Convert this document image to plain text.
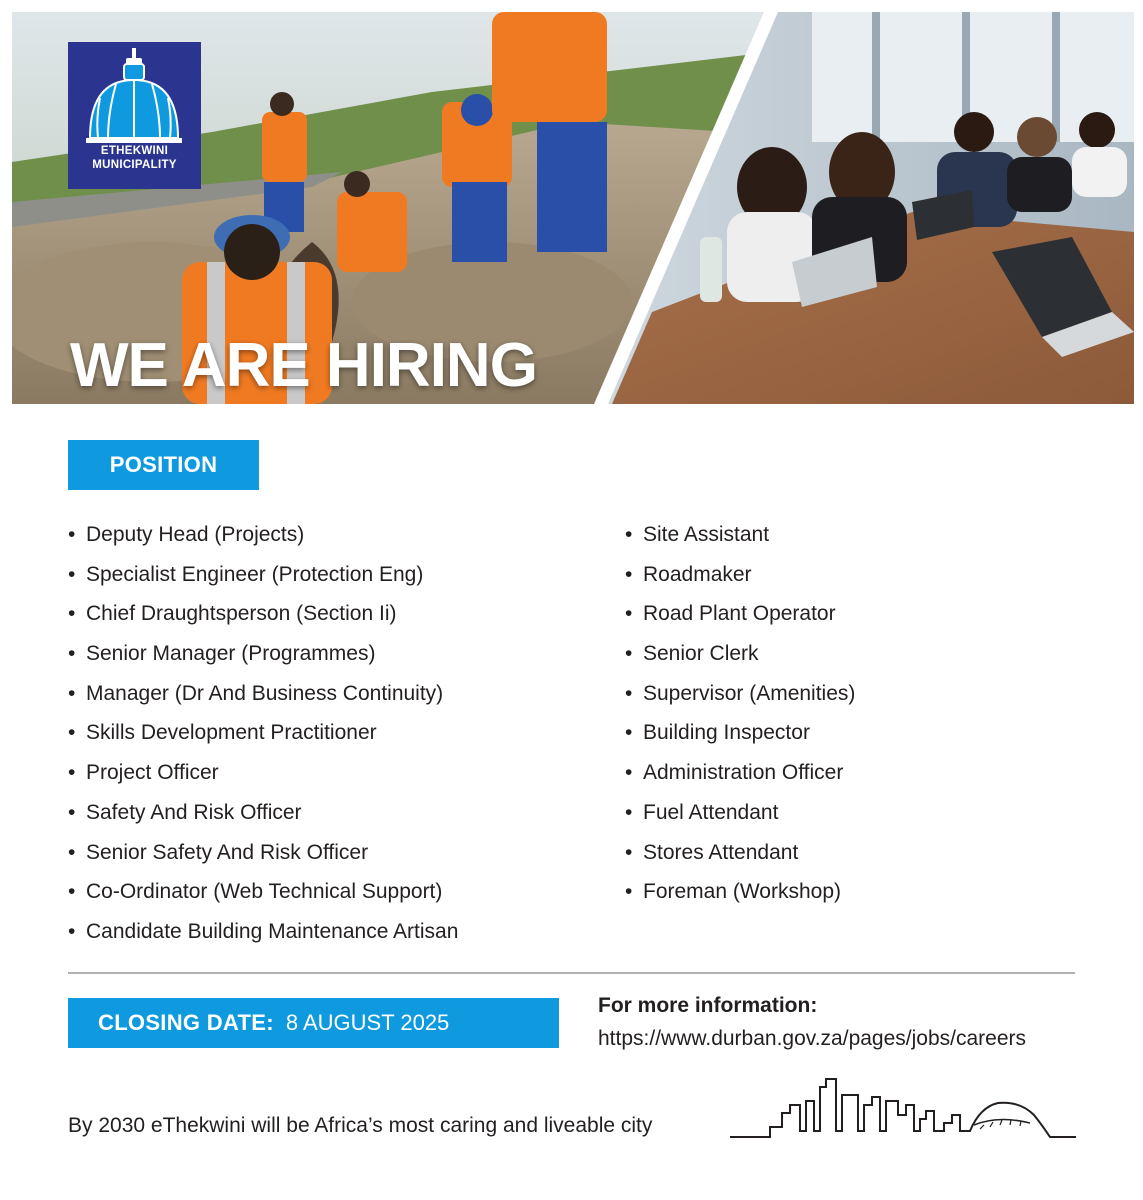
ETHEKWINI
MUNICIPALITY
WE ARE HIRING
POSITION
• Deputy Head (Projects)
• Specialist Engineer (Protection Eng)
• Chief Draughtsperson (Section Ii)
• Senior Manager (Programmes)
• Manager (Dr And Business Continuity)
• Skills Development Practitioner
• Project Officer
• Safety And Risk Officer
• Senior Safety And Risk Officer
• Co-Ordinator (Web Technical Support)
• Candidate Building Maintenance Artisan
• Site Assistant
• Roadmaker
• Road Plant Operator
• Senior Clerk
• Supervisor (Amenities)
• Building Inspector
• Administration Officer
• Fuel Attendant
• Stores Attendant
• Foreman (Workshop)
CLOSING DATE: 8 AUGUST 2025
For more information:
https://www.durban.gov.za/pages/jobs/careers
By 2030 eThekwini will be Africa’s most caring and liveable city
